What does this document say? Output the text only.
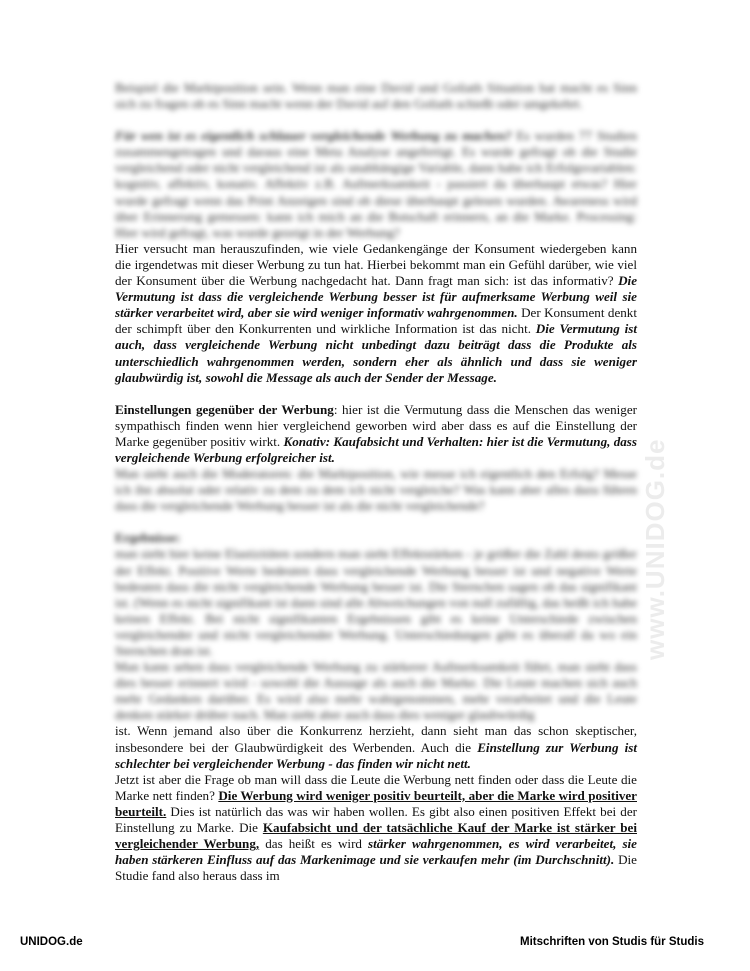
Beispiel die Marktposition sein. Wenn man eine David und Goliath Situation hat macht es Sinn sich zu fragen ob es Sinn macht wenn der David auf den Goliath schießt oder umgekehrt.

Für wen ist es eigentlich schlauer vergleichende Werbung zu machen? Es wurden 77 Studien zusammengetragen und daraus eine Meta Analyse angefertigt. Es wurde gefragt ob die Studie vergleichend oder nicht vergleichend ist als unabhängige Variable, dann habe ich Erfolgsvariablen: kognitiv, affektiv, konativ. Affektiv z.B. Aufmerksamkeit - passiert da überhaupt etwas? Hier wurde gefragt wenn das Print Anzeigen sind ob diese überhaupt gelesen wurden. Awareness wird über Erinnerung gemessen: kann ich mich an die Botschaft erinnern, an die Marke. Processing: Hier wird gefragt, was wurde gezeigt in der Werbung?

Hier versucht man herauszufinden, wie viele Gedankengänge der Konsument wiedergeben kann die irgendetwas mit dieser Werbung zu tun hat. Hierbei bekommt man ein Gefühl darüber, wie viel der Konsument über die Werbung nachgedacht hat. Dann fragt man sich: ist das informativ? Die Vermutung ist dass die vergleichende Werbung besser ist für aufmerksame Werbung weil sie stärker verarbeitet wird, aber sie wird weniger informativ wahrgenommen. Der Konsument denkt der schimpft über den Konkurrenten und wirkliche Information ist das nicht. Die Vermutung ist auch, dass vergleichende Werbung nicht unbedingt dazu beiträgt dass die Produkte als unterschiedlich wahrgenommen werden, sondern eher als ähnlich und dass sie weniger glaubwürdig ist, sowohl die Message als auch der Sender der Message.

Einstellungen gegenüber der Werbung: hier ist die Vermutung dass die Menschen das weniger sympathisch finden wenn hier vergleichend geworben wird aber dass es auf die Einstellung der Marke gegenüber positiv wirkt. Konativ: Kaufabsicht und Verhalten: hier ist die Vermutung, dass vergleichende Werbung erfolgreicher ist.

Man sieht auch die Moderatoren: die Marktposition, wie messe ich eigentlich den Erfolg? Messe ich ihn absolut oder relativ zu dem zu dem ich nicht vergleiche? Was kann aber alles dazu führen dass die vergleichende Werbung besser ist als die nicht vergleichende?

Ergebnisse:

man sieht hier keine Elastizitäten sondern man sieht Effektstärken - je größer die Zahl desto größer der Effekt. Positive Werte bedeuten dass vergleichende Werbung besser ist und negative Werte bedeuten dass die nicht vergleichende Werbung besser ist. Die Sternchen sagen ob das signifikant ist. (Wenn es nicht signifikant ist dann sind alle Abweichungen von null zufällig, das heißt ich habe keinen Effekt. Bei nicht signifikanten Ergebnissen gibt es keine Unterschiede zwischen vergleichender und nicht vergleichender Werbung. Unterschiedungen gibt es überall da wo ein Sternchen dran ist.

Man kann sehen dass vergleichende Werbung zu stärkerer Aufmerksamkeit führt, man sieht dass dies besser erinnert wird - sowohl die Aussage als auch die Marke. Die Leute machen sich auch mehr Gedanken darüber. Es wird also mehr wahrgenommen, mehr verarbeitet und die Leute denken stärker drüber nach. Man sieht aber auch dass dies weniger glaubwürdig

ist. Wenn jemand also über die Konkurrenz herzieht, dann sieht man das schon skeptischer, insbesondere bei der Glaubwürdigkeit des Werbenden. Auch die Einstellung zur Werbung ist schlechter bei vergleichender Werbung - das finden wir nicht nett.

Jetzt ist aber die Frage ob man will dass die Leute die Werbung nett finden oder dass die Leute die Marke nett finden? Die Werbung wird weniger positiv beurteilt, aber die Marke wird positiver beurteilt. Dies ist natürlich das was wir haben wollen. Es gibt also einen positiven Effekt bei der Einstellung zu Marke. Die Kaufabsicht und der tatsächliche Kauf der Marke ist stärker bei vergleichender Werbung, das heißt es wird stärker wahrgenommen, es wird verarbeitet, sie haben stärkeren Einfluss auf das Markenimage und sie verkaufen mehr (im Durchschnitt). Die Studie fand also heraus dass im

www.UNIDOG.de
UNIDOG.de	Mitschriften von Studis für Studis
